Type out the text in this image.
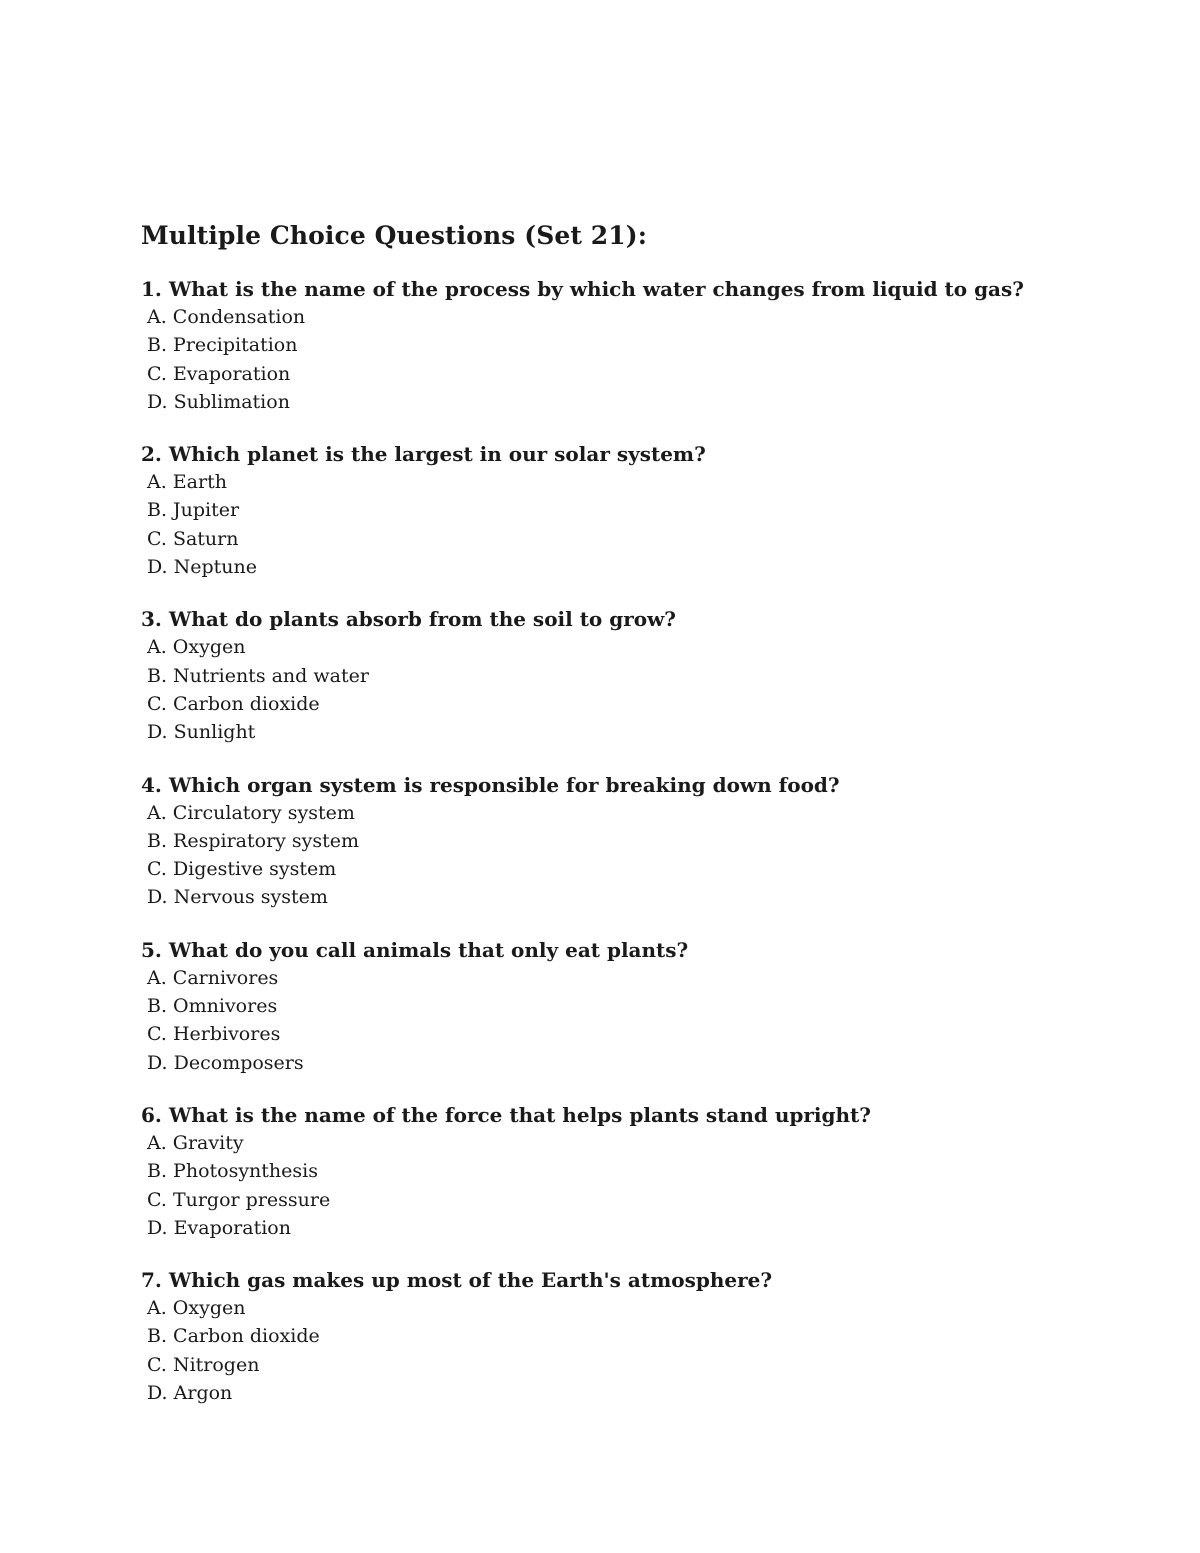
Multiple Choice Questions (Set 21):
1. What is the name of the process by which water changes from liquid to gas?
A. Condensation
B. Precipitation
C. Evaporation
D. Sublimation
2. Which planet is the largest in our solar system?
A. Earth
B. Jupiter
C. Saturn
D. Neptune
3. What do plants absorb from the soil to grow?
A. Oxygen
B. Nutrients and water
C. Carbon dioxide
D. Sunlight
4. Which organ system is responsible for breaking down food?
A. Circulatory system
B. Respiratory system
C. Digestive system
D. Nervous system
5. What do you call animals that only eat plants?
A. Carnivores
B. Omnivores
C. Herbivores
D. Decomposers
6. What is the name of the force that helps plants stand upright?
A. Gravity
B. Photosynthesis
C. Turgor pressure
D. Evaporation
7. Which gas makes up most of the Earth's atmosphere?
A. Oxygen
B. Carbon dioxide
C. Nitrogen
D. Argon
